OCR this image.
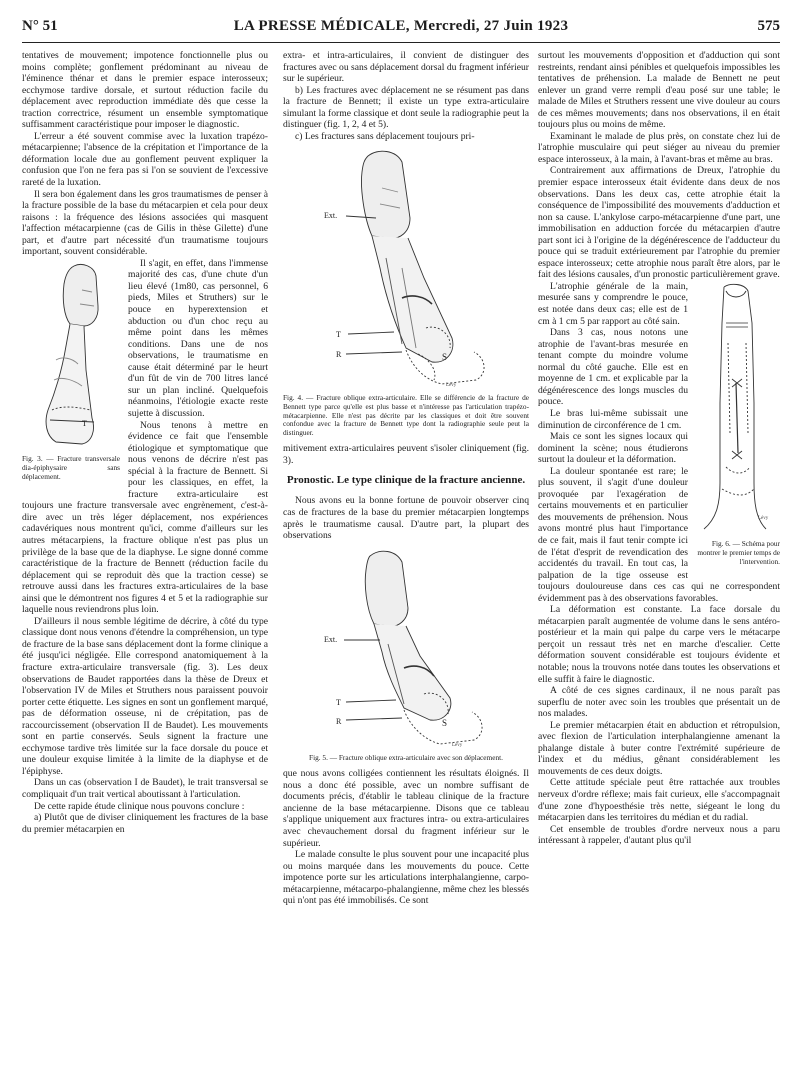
N° 51	LA PRESSE MÉDICALE, Mercredi, 27 Juin 1923	575

tentatives de mouvement; impotence fonctionnelle plus ou moins complète; gonflement prédominant au niveau de l'éminence thénar et dans le premier espace interosseux; ecchymose tardive dorsale, et surtout réduction facile du déplacement avec reproduction immédiate dès que cesse la traction correctrice, résument un ensemble symptomatique suffisamment caractéristique pour imposer le diagnostic.

L'erreur a été souvent commise avec la luxation trapézo-métacarpienne; l'absence de la crépitation et l'importance de la déformation locale due au gonflement peuvent expliquer la confusion que l'on ne fera pas si l'on se souvient de l'excessive rareté de la luxation.

Il sera bon également dans les gros traumatismes de penser à la fracture possible de la base du métacarpien et cela pour deux raisons : la fréquence des lésions associées qui masquent l'affection métacarpienne (cas de Gilis in thèse Gilette) d'une part, et d'autre part nécessité d'un traumatisme toujours important, souvent considérable.

T
Fig. 3. — Fracture transversale dia-épiphysaire sans déplacement.

Il s'agit, en effet, dans l'immense majorité des cas, d'une chute d'un lieu élevé (1m80, cas personnel, 6 pieds, Miles et Struthers) sur le pouce en hyperextension et abduction ou d'un choc reçu au même point dans les mêmes conditions. Dans une de nos observations, le traumatisme en cause était déterminé par le heurt d'un fût de vin de 700 litres lancé sur un plan incliné. Quelquefois néanmoins, l'étiologie exacte reste sujette à discussion.

Nous tenons à mettre en évidence ce fait que l'ensemble étiologique et symptomatique que nous venons de décrire n'est pas spécial à la fracture de Bennett. Si pour les classiques, en effet, la fracture extra-articulaire est toujours une fracture transversale avec engrènement, c'est-à-dire avec un très léger déplacement, nos expériences cadavériques nous montrent qu'ici, comme d'ailleurs sur les autres métacarpiens, la fracture oblique n'est pas plus un privilège de la base que de la diaphyse. Le signe donné comme caractéristique de la fracture de Bennett (réduction facile du déplacement qui se reproduit dès que la traction cesse) se retrouve aussi dans les fractures extra-articulaires de la base ainsi que le démontrent nos figures 4 et 5 et la radiographie sur laquelle nous reviendrons plus loin.

D'ailleurs il nous semble légitime de décrire, à côté du type classique dont nous venons d'étendre la compréhension, un type de fracture de la base sans déplacement dont la forme clinique a été jusqu'ici négligée. Elle correspond anatomiquement à la fracture extra-articulaire transversale (fig. 3). Les deux observations de Baudet rapportées dans la thèse de Dreux et l'observation IV de Miles et Struthers nous paraissent pouvoir porter cette étiquette. Les signes en sont un gonflement marqué, pas de déformation osseuse, ni de crépitation, pas de raccourcissement (observation II de Baudet). Les mouvements sont en partie conservés. Seuls signent la fracture une ecchymose tardive très limitée sur la face dorsale du pouce et une douleur exquise limitée à la limite de la diaphyse et de l'épiphyse.

Dans un cas (observation I de Baudet), le trait transversal se compliquait d'un trait vertical aboutissant à l'articulation.

De cette rapide étude clinique nous pouvons conclure :

a) Plutôt que de diviser cliniquement les fractures de la base du premier métacarpien en

extra- et intra-articulaires, il convient de distinguer des fractures avec ou sans déplacement dorsal du fragment inférieur sur le supérieur.

b) Les fractures avec déplacement ne se résument pas dans la fracture de Bennett; il existe un type extra-articulaire simulant la forme classique et dont seule la radiographie peut la distinguer (fig. 1, 2, 4 et 5).

c) Les fractures sans déplacement toujours pri-

Ext.
T
R	S
Lévy
Fig. 4. — Fracture oblique extra-articulaire. Elle se différencie de la fracture de Bennett type parce qu'elle est plus basse et n'intéresse pas l'articulation trapézo-métacarpienne. Elle n'est pas décrite par les classiques et doit être souvent confondue avec la fracture de Bennett type dont la radiographie seule peut la distinguer.

mitivement extra-articulaires peuvent s'isoler cliniquement (fig. 3).

Pronostic. Le type clinique de la fracture ancienne.

Nous avons eu la bonne fortune de pouvoir observer cinq cas de fractures de la base du premier métacarpien longtemps après le traumatisme causal. D'autre part, la plupart des observations

Ext.
T
R	S
Lévy
Fig. 5. — Fracture oblique extra-articulaire avec son déplacement.

que nous avons colligées contiennent les résultats éloignés. Il nous a donc été possible, avec un nombre suffisant de documents précis, d'établir le tableau clinique de la fracture ancienne de la base métacarpienne. Disons que ce tableau s'applique uniquement aux fractures intra- ou extra-articulaires avec chevauchement dorsal du fragment inférieur sur le supérieur.

Le malade consulte le plus souvent pour une incapacité plus ou moins marquée dans les mouvements du pouce. Cette impotence porte sur les articulations interphalangienne, carpo-métacarpienne, métacarpo-phalangienne, même chez les blessés qui n'ont pas été immobilisés. Ce sont

surtout les mouvements d'opposition et d'adduction qui sont restreints, rendant ainsi pénibles et quelquefois impossibles les tentatives de préhension. La malade de Bennett ne peut enlever un grand verre rempli d'eau posé sur une table; le malade de Miles et Struthers ressent une vive douleur au cours de ces mêmes mouvements; dans nos observations, il en était toujours plus ou moins de même.

Examinant le malade de plus près, on constate chez lui de l'atrophie musculaire qui peut siéger au niveau du premier espace interosseux, à la main, à l'avant-bras et même au bras.

Contrairement aux affirmations de Dreux, l'atrophie du premier espace interosseux était évidente dans deux de nos observations. Dans les deux cas, cette atrophie était la conséquence de l'impossibilité des mouvements d'adduction et non sa cause. L'ankylose carpo-métacarpienne d'une part, une immobilisation en adduction forcée du métacarpien d'autre part sont ici à l'origine de la dégénérescence de l'adducteur du pouce qui se traduit extérieurement par l'atrophie du premier espace interosseux; cette atrophie nous paraît être alors, par le fait des lésions causales, d'un pronostic particulièrement grave.

Lévy
Fig. 6. — Schéma pour montrer le premier temps de l'intervention.

L'atrophie générale de la main, mesurée sans y comprendre le pouce, est notée dans deux cas; elle est de 1 cm à 1 cm 5 par rapport au côté sain.

Dans 3 cas, nous notons une atrophie de l'avant-bras mesurée en tenant compte du moindre volume normal du côté gauche. Elle est en moyenne de 1 cm. et explicable par la dégénérescence des longs muscles du pouce.

Le bras lui-même subissait une diminution de circonférence de 1 cm.

Mais ce sont les signes locaux qui dominent la scène; nous étudierons surtout la douleur et la déformation.

La douleur spontanée est rare; le plus souvent, il s'agit d'une douleur provoquée par l'exagération de certains mouvements et en particulier des mouvements de préhension. Nous avons montré plus haut l'importance de ce fait, mais il faut tenir compte ici de l'état d'esprit de revendication des accidentés du travail. En tout cas, la palpation de la tige osseuse est toujours douloureuse dans ces cas qui ne correspondent évidemment pas à des observations favorables.

La déformation est constante. La face dorsale du métacarpien paraît augmentée de volume dans le sens antéro-postérieur et la main qui palpe du carpe vers le métacarpe perçoit un ressaut très net en marche d'escalier. Cette déformation souvent considérable est toujours évidente et notable; nous la trouvons notée dans toutes les observations et elle suffit à faire le diagnostic.

A côté de ces signes cardinaux, il ne nous paraît pas superflu de noter avec soin les troubles que présentait un de nos malades.

Le premier métacarpien était en abduction et rétropulsion, avec flexion de l'articulation interphalangienne amenant la phalange distale à buter contre l'extrémité supérieure de l'index et du médius, gênant considérablement les mouvements de ces deux doigts.

Cette attitude spéciale peut être rattachée aux troubles nerveux d'ordre réflexe; mais fait curieux, elle s'accompagnait d'une zone d'hypoesthésie très nette, siégeant le long du métacarpien dans les territoires du médian et du radial.

Cet ensemble de troubles d'ordre nerveux nous a paru intéressant à rappeler, d'autant plus qu'il
